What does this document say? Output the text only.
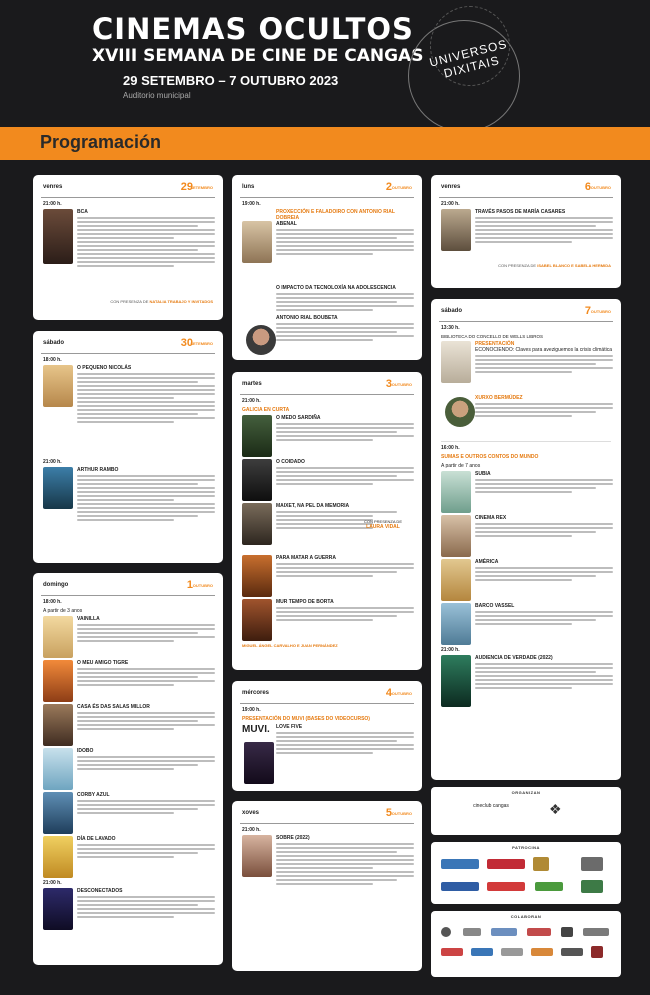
CINEMAS OCULTOS
XVIII SEMANA DE CINE DE CANGAS
29 SETEMBRO – 7 OUTUBRO 2023
Auditorio municipal
UNIVERSOS DIXITAIS
Programación
venres	29
SETEMBRO
21:00 h.
BCA
CON PRESENZA DE NATALIA TRABAJO Y INVITADOS
sábado	30
SETEMBRO
18:00 h.
O PEQUENO NICOLÁS
21:00 h.
ARTHUR RAMBO
domingo	1 OUTUBRO
18:00 h.
A partir de 3 anos
VAINILLA
O MEU AMIGO TIGRE
CASA ÉS DAS SALAS MILLOR
IDOBO
CORBY AZUL
DÍA DE LAVADO
21:00 h.
DESCONECTADOS
luns	2 OUTUBRO
19:00 h.
PROXECCIÓN E FALADOIRO CON ANTONIO RIAL DOBREIA
ABENAL
O IMPACTO DA TECNOLOXÍA NA ADOLESCENCIA
ANTONIO RIAL BOUBETA
martes	3 OUTUBRO
21:00 h.
GALICIA EN CURTA
O MEDO SARDIÑA
O COIDADO
MAIXET, NA PEL DA MEMORIA
CON PRESENZA DE
LAURA VIDAL
PARA MATAR A GUERRA
MUR TEMPO DE BORTA
MIGUEL ÁNGEL CARVALHO E JUAN PERNÁNDEZ
mércores	4 OUTUBRO
19:00 h.
PRESENTACIÓN DO MUVI (BASES DO VIDEOCURSO)
MUVI. LOVE FIVE
xoves	5 OUTUBRO
21:00 h.
SOBRE (2022)
venres	6 OUTUBRO
21:00 h.
TRAVÉS PASOS DE MARÍA CASARES
CON PRESENZA DE ISABEL BLANCO E SABELA HERMIDA
sábado	7 OUTUBRO
13:30 h.
BIBLIOTECA DO CONCELLO DE WELLS LIBROS
PRESENTACIÓN
ECONOCIENDO: Claves para aveziguemos la crisis climática
XURXO BERMÚDEZ
16:00 h.
SUMAS E OUTROS CONTOS DO MUNDO
A partir de 7 anos
SUBIA
CINEMA REX
AMÉRICA
BARCO VASSEL
21:00 h.
AUDIENCIA DE VERDADE (2022)
ORGANIZAN
cineclub cangas	❖
PATROCINA
COLABORAN
